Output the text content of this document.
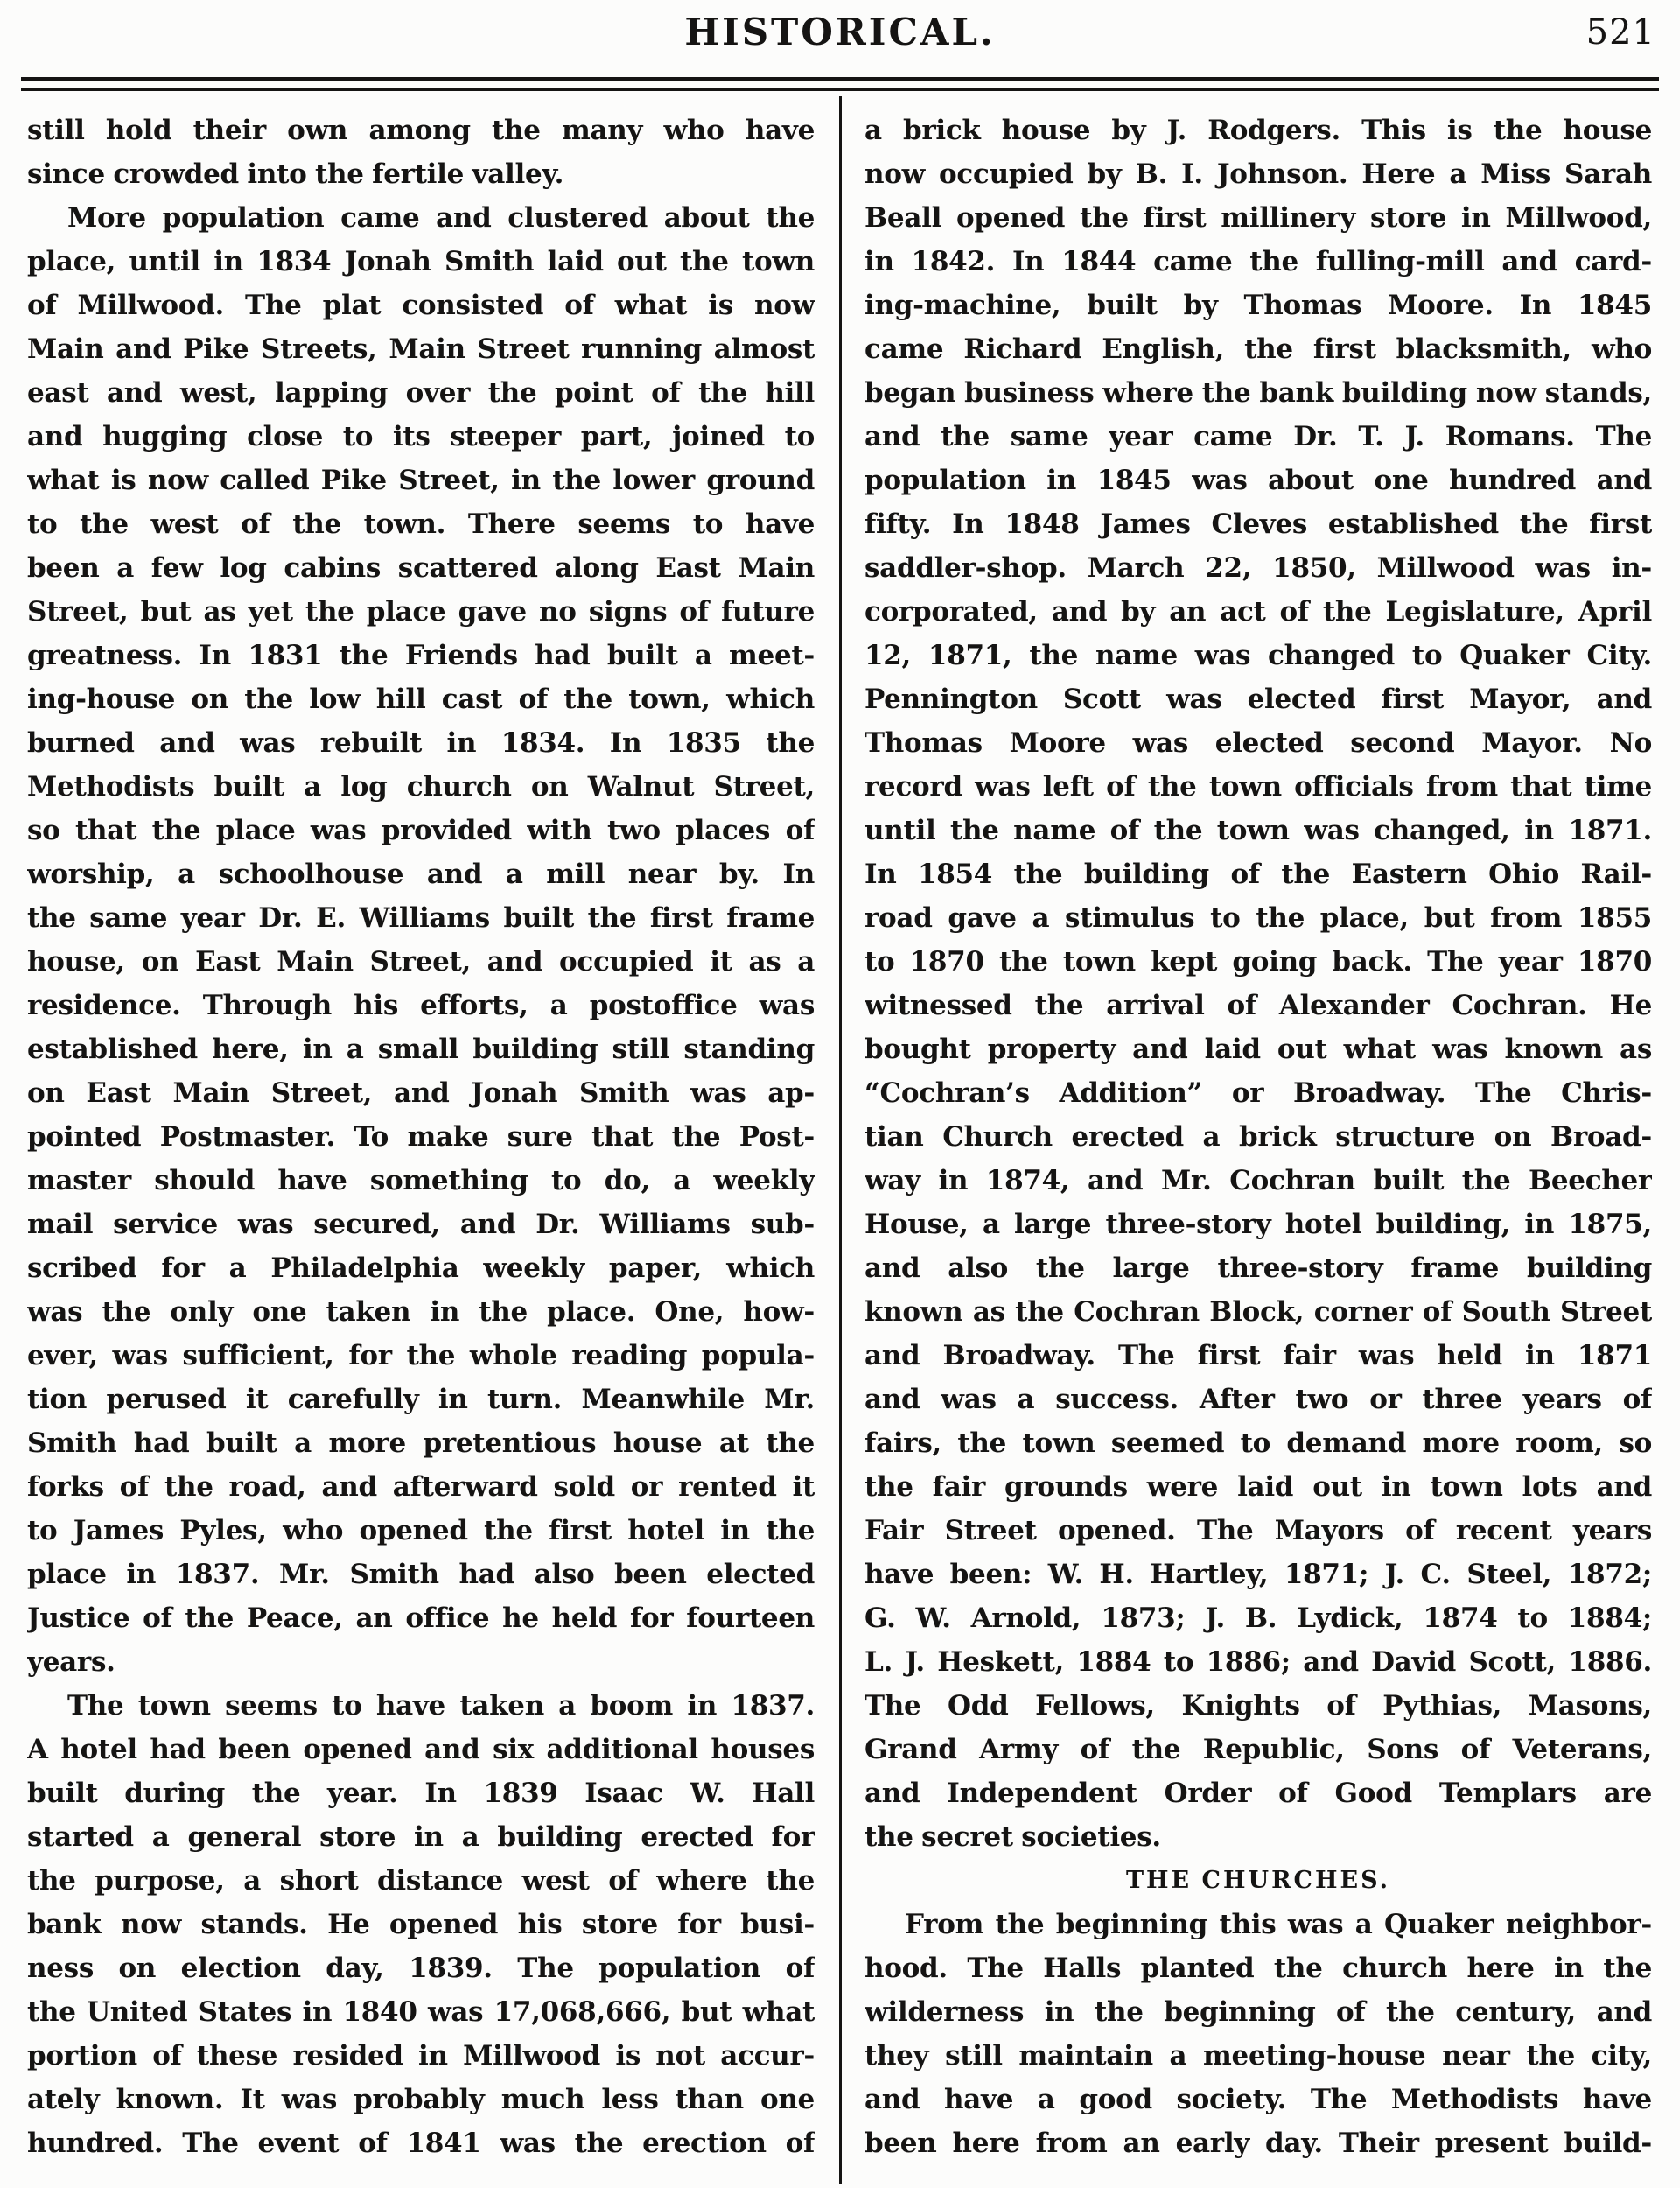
HISTORICAL.	521
still hold their own among the many who have
since crowded into the fertile valley.
More population came and clustered about the
place, until in 1834 Jonah Smith laid out the town
of Millwood. The plat consisted of what is now
Main and Pike Streets, Main Street running almost
east and west, lapping over the point of the hill
and hugging close to its steeper part, joined to
what is now called Pike Street, in the lower ground
to the west of the town. There seems to have
been a few log cabins scattered along East Main
Street, but as yet the place gave no signs of future
greatness. In 1831 the Friends had built a meet-
ing-house on the low hill cast of the town, which
burned and was rebuilt in 1834. In 1835 the
Methodists built a log church on Walnut Street,
so that the place was provided with two places of
worship, a schoolhouse and a mill near by. In
the same year Dr. E. Williams built the first frame
house, on East Main Street, and occupied it as a
residence. Through his efforts, a postoffice was
established here, in a small building still standing
on East Main Street, and Jonah Smith was ap-
pointed Postmaster. To make sure that the Post-
master should have something to do, a weekly
mail service was secured, and Dr. Williams sub-
scribed for a Philadelphia weekly paper, which
was the only one taken in the place. One, how-
ever, was sufficient, for the whole reading popula-
tion perused it carefully in turn. Meanwhile Mr.
Smith had built a more pretentious house at the
forks of the road, and afterward sold or rented it
to James Pyles, who opened the first hotel in the
place in 1837. Mr. Smith had also been elected
Justice of the Peace, an office he held for fourteen
years.
The town seems to have taken a boom in 1837.
A hotel had been opened and six additional houses
built during the year. In 1839 Isaac W. Hall
started a general store in a building erected for
the purpose, a short distance west of where the
bank now stands. He opened his store for busi-
ness on election day, 1839. The population of
the United States in 1840 was 17,068,666, but what
portion of these resided in Millwood is not accur-
ately known. It was probably much less than one
hundred. The event of 1841 was the erection of
a brick house by J. Rodgers. This is the house
now occupied by B. I. Johnson. Here a Miss Sarah
Beall opened the first millinery store in Millwood,
in 1842. In 1844 came the fulling-mill and card-
ing-machine, built by Thomas Moore. In 1845
came Richard English, the first blacksmith, who
began business where the bank building now stands,
and the same year came Dr. T. J. Romans. The
population in 1845 was about one hundred and
fifty. In 1848 James Cleves established the first
saddler-shop. March 22, 1850, Millwood was in-
corporated, and by an act of the Legislature, April
12, 1871, the name was changed to Quaker City.
Pennington Scott was elected first Mayor, and
Thomas Moore was elected second Mayor. No
record was left of the town officials from that time
until the name of the town was changed, in 1871.
In 1854 the building of the Eastern Ohio Rail-
road gave a stimulus to the place, but from 1855
to 1870 the town kept going back. The year 1870
witnessed the arrival of Alexander Cochran. He
bought property and laid out what was known as
“Cochran’s Addition” or Broadway. The Chris-
tian Church erected a brick structure on Broad-
way in 1874, and Mr. Cochran built the Beecher
House, a large three-story hotel building, in 1875,
and also the large three-story frame building
known as the Cochran Block, corner of South Street
and Broadway. The first fair was held in 1871
and was a success. After two or three years of
fairs, the town seemed to demand more room, so
the fair grounds were laid out in town lots and
Fair Street opened. The Mayors of recent years
have been: W. H. Hartley, 1871; J. C. Steel, 1872;
G. W. Arnold, 1873; J. B. Lydick, 1874 to 1884;
L. J. Heskett, 1884 to 1886; and David Scott, 1886.
The Odd Fellows, Knights of Pythias, Masons,
Grand Army of the Republic, Sons of Veterans,
and Independent Order of Good Templars are
the secret societies.
THE CHURCHES.
From the beginning this was a Quaker neighbor-
hood. The Halls planted the church here in the
wilderness in the beginning of the century, and
they still maintain a meeting-house near the city,
and have a good society. The Methodists have
been here from an early day. Their present build-
